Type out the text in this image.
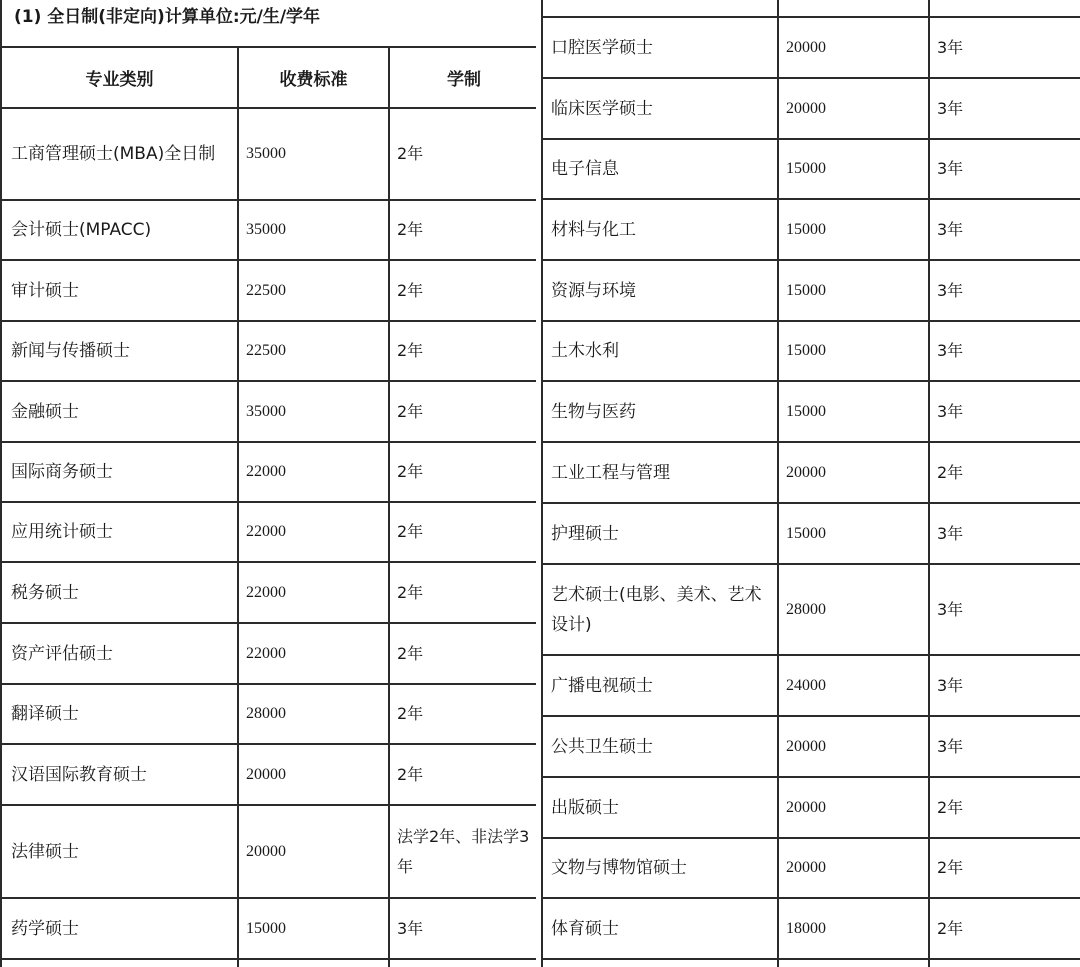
(1) 全日制(非定向)计算单位:元/生/学年		

专业类别	收费标准	学制
工商管理硕士(MBA)全日制	35000	2年
会计硕士(MPACC)	35000	2年
审计硕士	22500	2年
新闻与传播硕士	22500	2年
金融硕士	35000	2年
国际商务硕士	22000	2年
应用统计硕士	22000	2年
税务硕士	22000	2年
资产评估硕士	22000	2年
翻译硕士	28000	2年
汉语国际教育硕士	20000	2年
法律硕士	20000	法学2年、非法学3年
药学硕士	15000	3年

口腔医学硕士	20000	3年
临床医学硕士	20000	3年
电子信息	15000	3年
材料与化工	15000	3年
资源与环境	15000	3年
土木水利	15000	3年
生物与医药	15000	3年
工业工程与管理	20000	2年
护理硕士	15000	3年
艺术硕士(电影、美术、艺术设计)	28000	3年
广播电视硕士	24000	3年
公共卫生硕士	20000	3年
出版硕士	20000	2年
文物与博物馆硕士	20000	2年
体育硕士	18000	2年
